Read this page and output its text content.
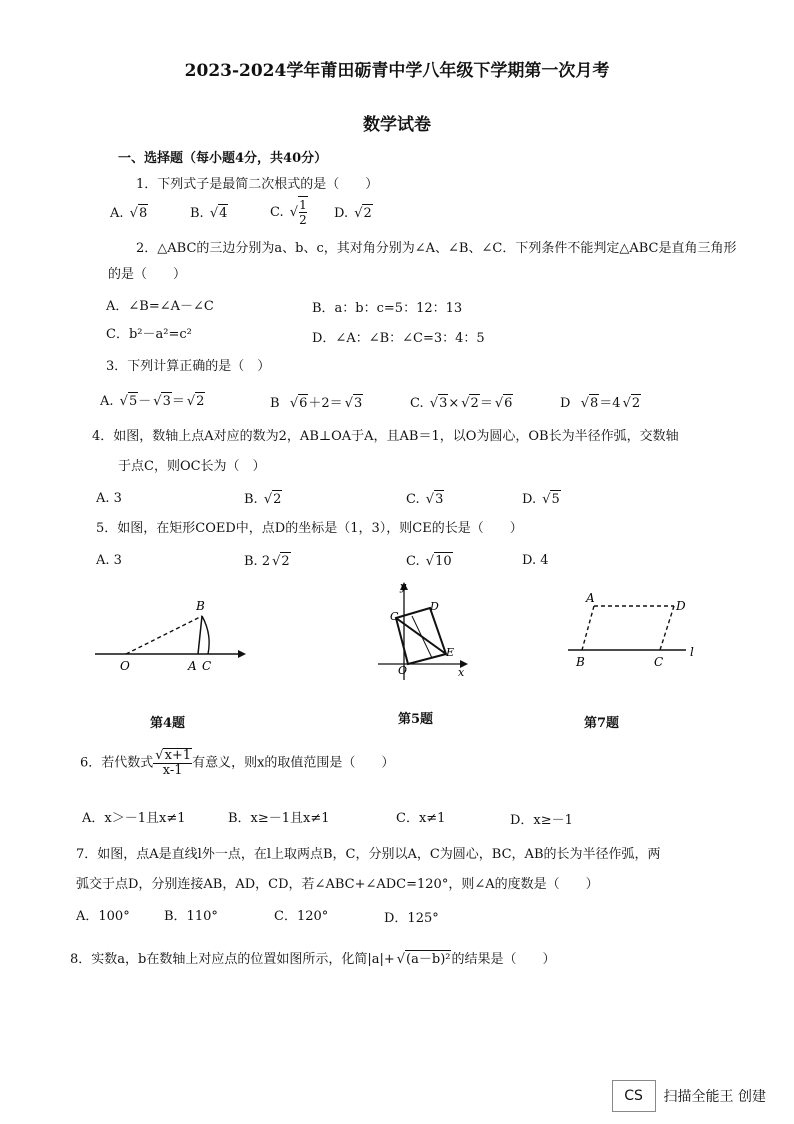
2023-2024学年莆田砺青中学八年级下学期第一次月考
数学试卷
一、选择题（每小题4分，共40分）
1．下列式子是最简二次根式的是（　　）
A. √ 8	B. √ 4	C. √ $\frac{1}{2} D$. √ 2
2．△ABC的三边分别为a、b、c，其对角分别为∠A、∠B、∠C．下列条件不能判定△ABC是直角三角形
的是（　　）
A．∠B=∠A－∠C	B．a：b：c=5：12：13
C．b²－a²=c²	D．∠A：∠B：∠C=3：4：5
3．下列计算正确的是（　）
A. √ 5－ √ 3＝ √ 2	B √ 6＋2＝ √ 3	C. √ 3× √ 2＝ √ 6	D √ 8＝4 √ 2
4．如图，数轴上点A对应的数为2，AB⊥OA于A，且AB＝1，以O为圆心，OB长为半径作弧，交数轴
于点C，则OC长为（　）
A. 3	B. √ 2	C. √ 3	D. √ 5
5．如图，在矩形COED中，点D的坐标是（1，3），则CE的长是（　　）
A. 3	B. 2 √ 2	C. √ 10	D. 4
B
O	A C
第4题
y
C
D
E
O	x
第5题
A
D
B	C
l
第7题
6．若代数式 √ $\frac{x+1}{x-1}$ 有意义，则x的取值范围是（　　）
A．x＞－1且x≠1	B．x≥－1且x≠1	C．x≠1	D．x≥－1
7．如图，点A是直线l外一点，在l上取两点B，C，分别以A，C为圆心，BC，AB的长为半径作弧，两
弧交于点D，分别连接AB，AD，CD，若∠ABC+∠ADC=120°，则∠A的度数是（　　）
A．100°	B．110°	C．120°	D．125°
8．实数a，b在数轴上对应点的位置如图所示，化简|a|+ √ (a－b)²的结果是（　　）
CS 扫描全能王 创建
